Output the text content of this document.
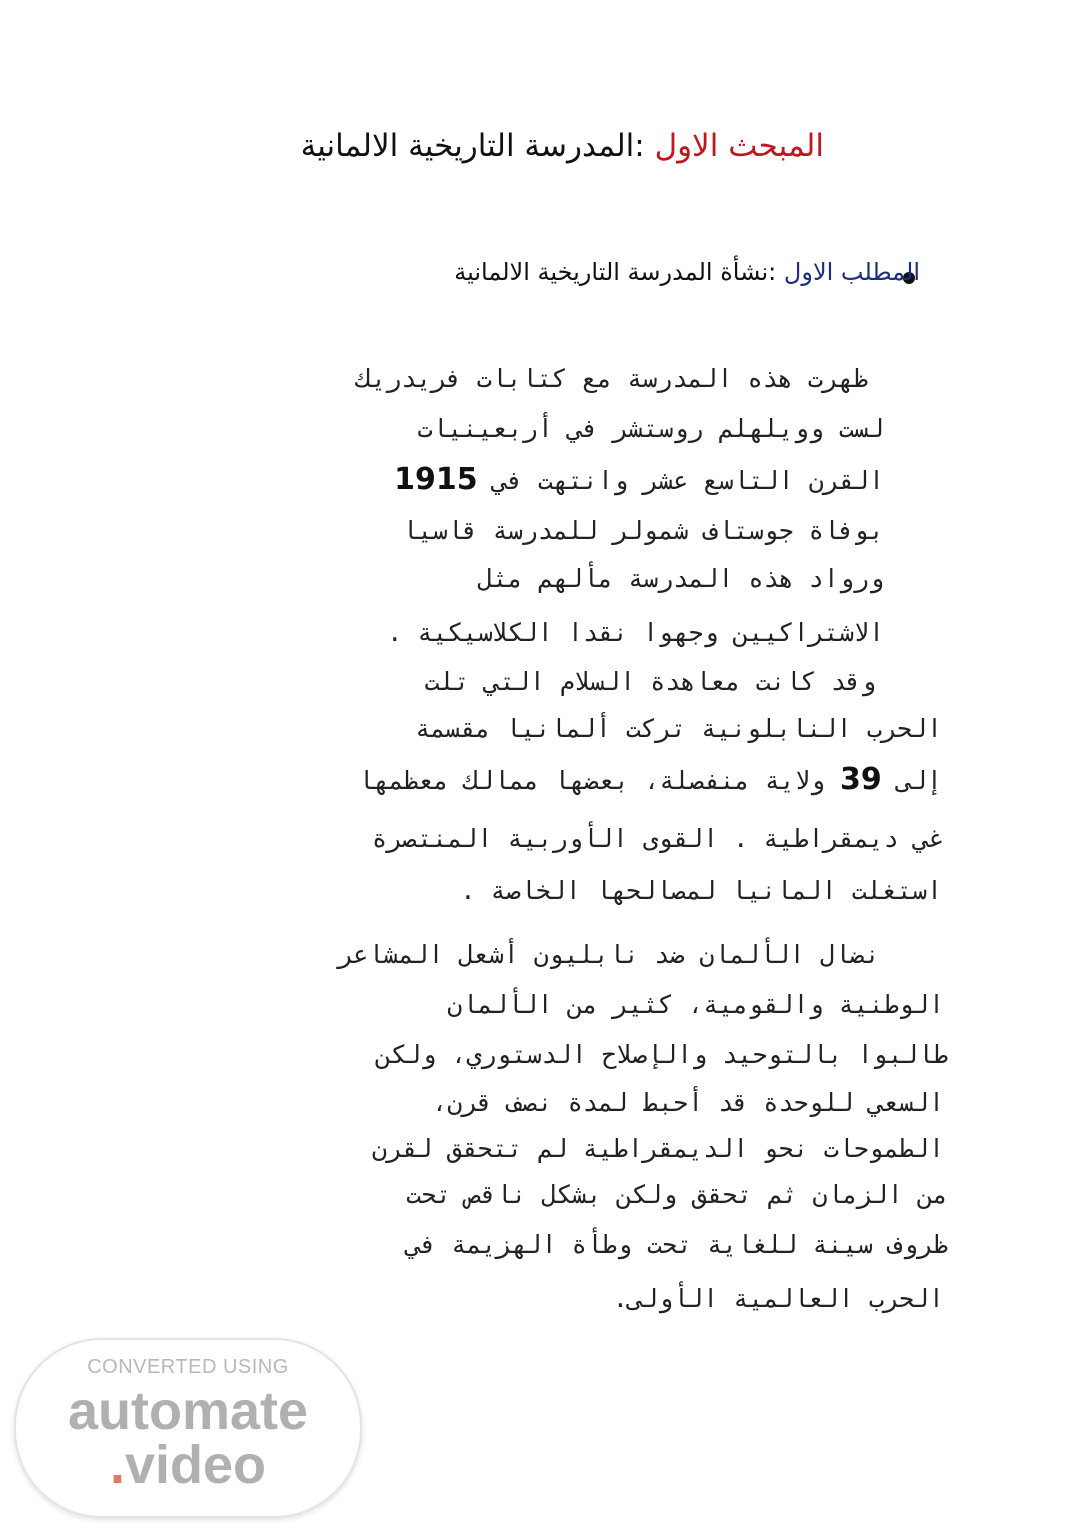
المبحث الاول :المدرسة التاريخية الالمانية
المطلب الاول :نشأة المدرسة التاريخية الالمانية
ظهرت هذه المدرسة مع كتابات فريدريك
لست وويلهلم روستشر في أربعينيات
القرن التاسع عشر وانتهت في 1915
بوفاة جوستاف شمولر للمدرسة قاسيا
ورواد هذه المدرسة مألهم مثل
الاشتراكيين وجهوا نقدا الكلاسيكية .
وقد كانت معاهدة السلام التي تلت
الحرب النابلونية تركت ألمانيا مقسمة
إلى 39 ولاية منفصلة، بعضها ممالك معظمها
غي ديمقراطية . القوى الأوربية المنتصرة
استغلت المانيا لمصالحها الخاصة .
نضال الألمان ضد نابليون أشعل المشاعر
الوطنية والقومية، كثير من الألمان
طالبوا بالتوحيد والإصلاح الدستوري، ولكن
السعي للوحدة قد أحبط لمدة نصف قرن،
الطموحات نحو الديمقراطية لم تتحقق لقرن
من الزمان ثم تحقق ولكن بشكل ناقص تحت
ظروف سينة للغاية تحت وطأة الهزيمة في
الحرب العالمية الأولى.
CONVERTED USING
automate
.video
